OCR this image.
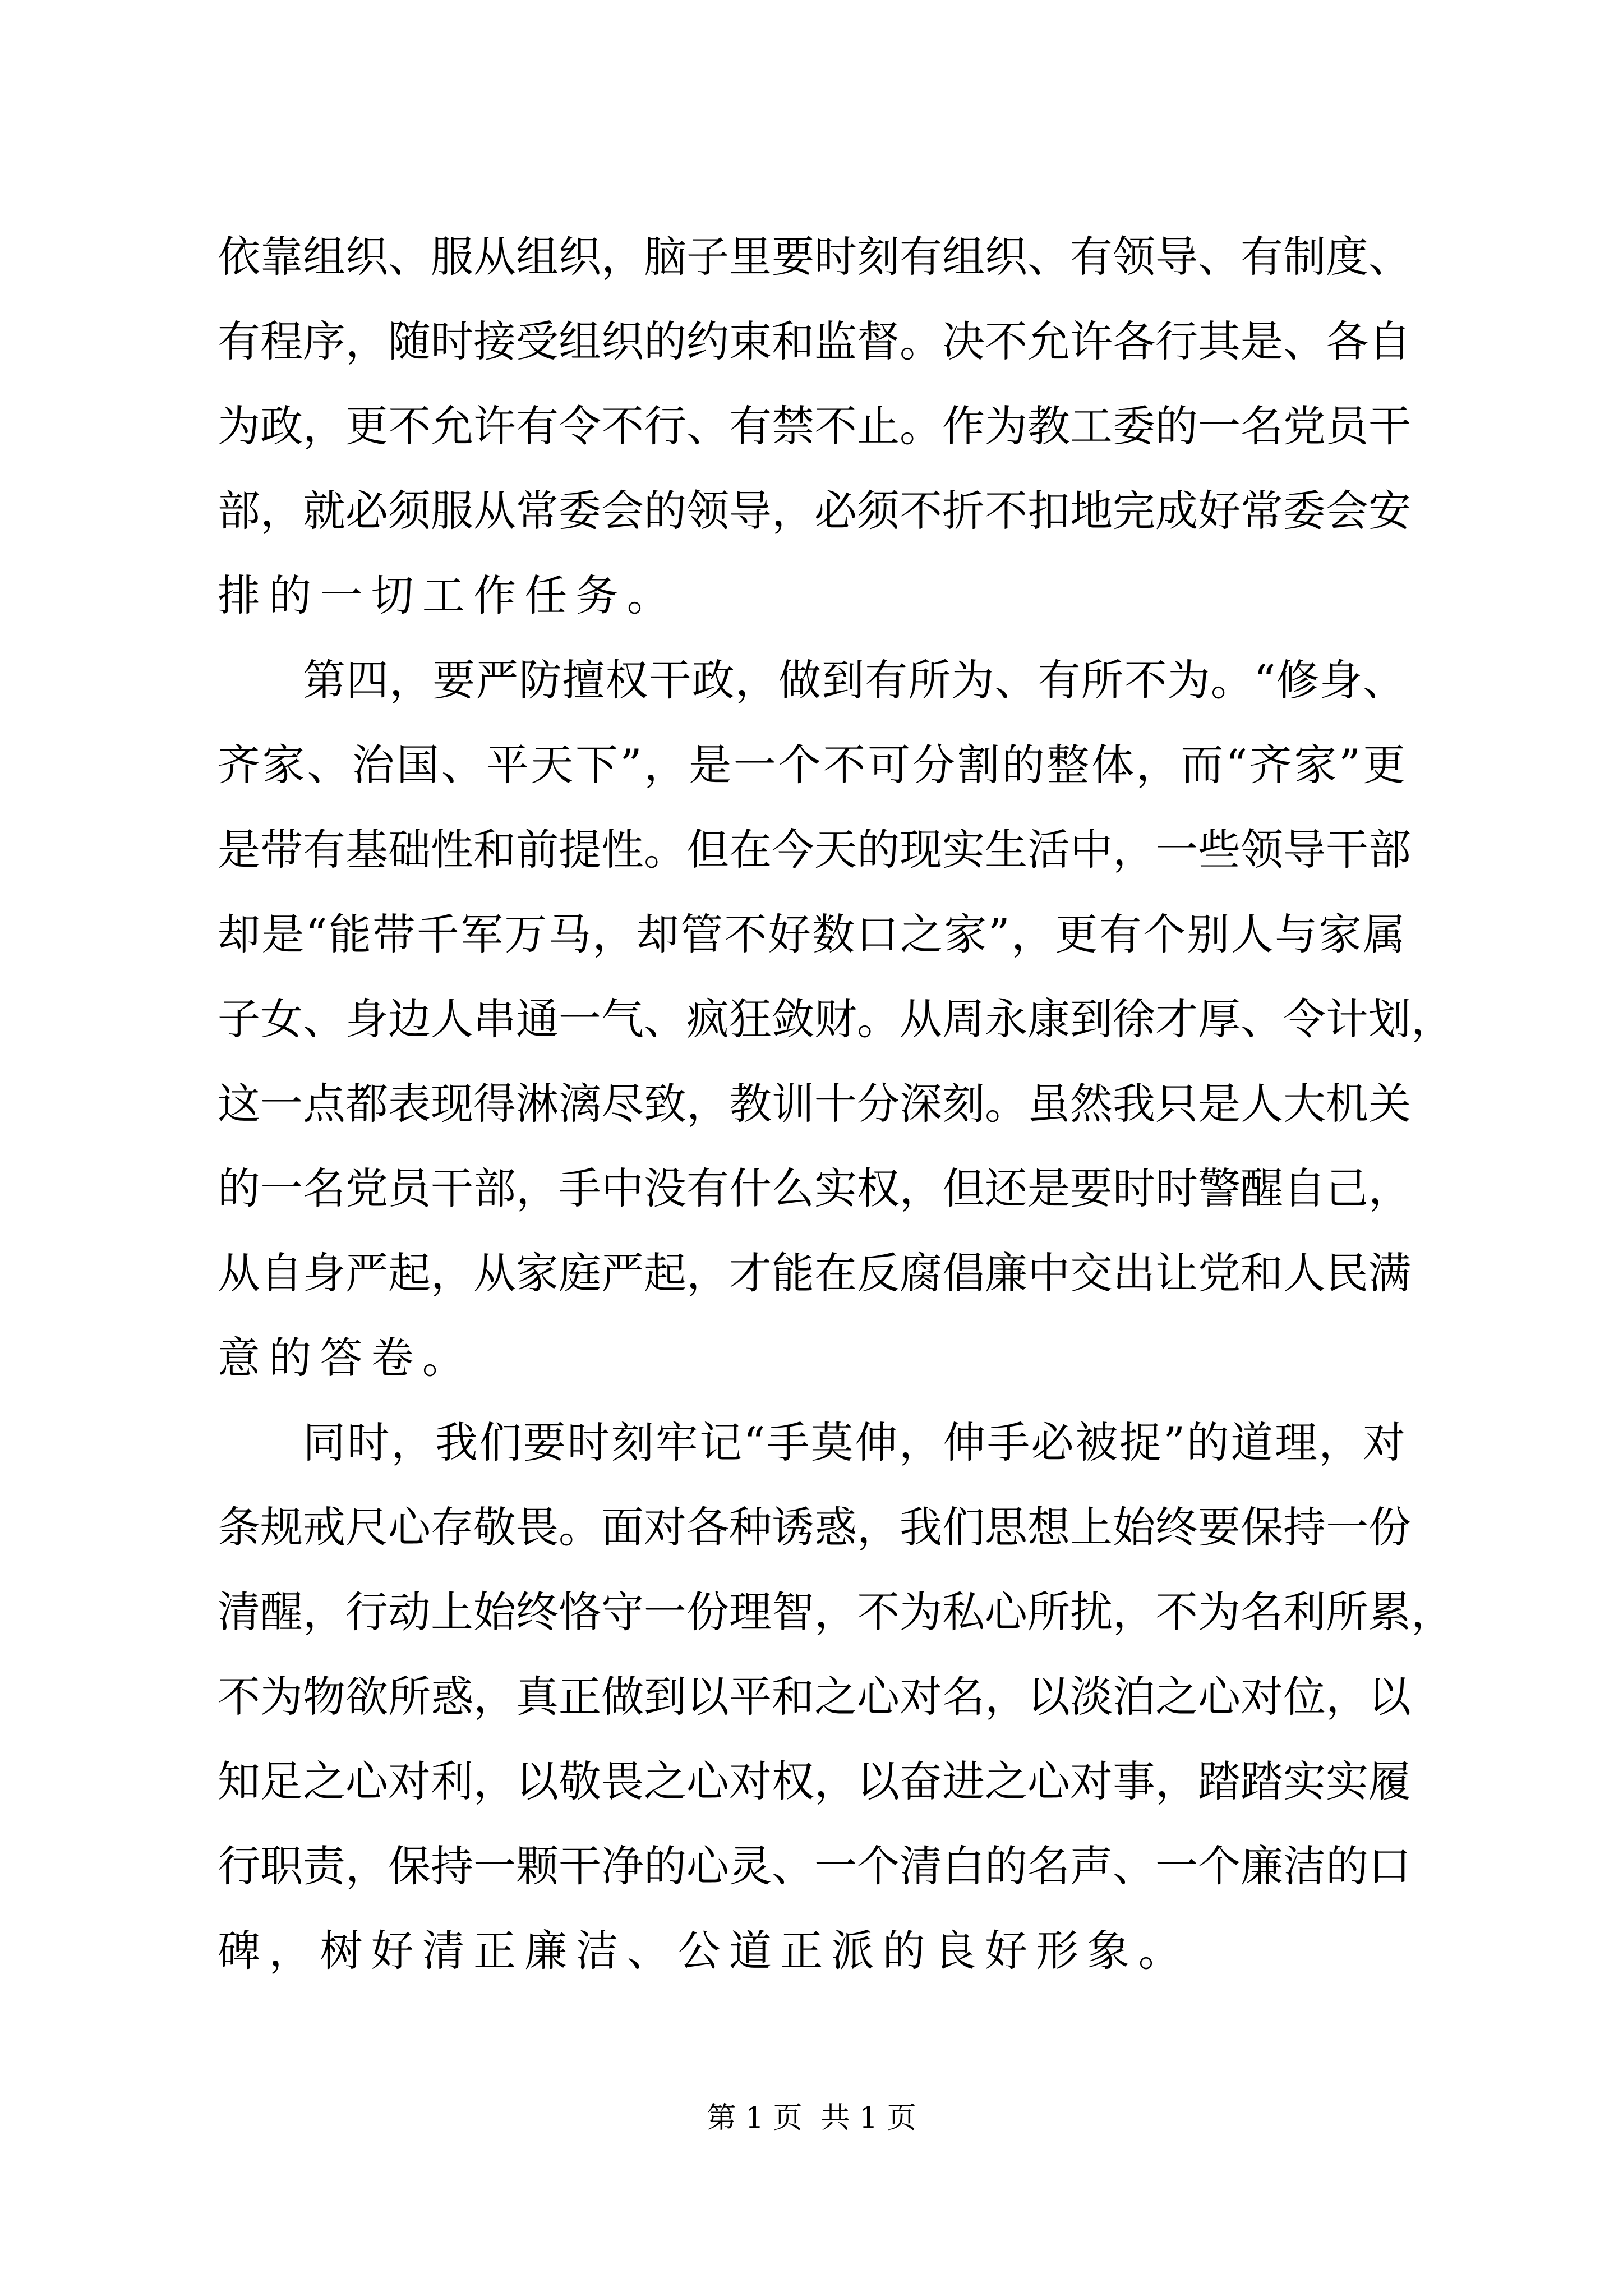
依靠组织、服从组织，脑子里要时刻有组织、有领导、有制度、
有程序，随时接受组织的约束和监督。决不允许各行其是、各自
为政，更不允许有令不行、有禁不止。作为教工委的一名党员干
部，就必须服从常委会的领导，必须不折不扣地完成好常委会安
排的一切工作任务。
第四，要严防擅权干政，做到有所为、有所不为。“修身、
齐家、治国、平天下”，是一个不可分割的整体，而“齐家”更
是带有基础性和前提性。但在今天的现实生活中，一些领导干部
却是“能带千军万马，却管不好数口之家”，更有个别人与家属
子女、身边人串通一气、疯狂敛财。从周永康到徐才厚、令计划，
这一点都表现得淋漓尽致，教训十分深刻。虽然我只是人大机关
的一名党员干部，手中没有什么实权，但还是要时时警醒自己，
从自身严起，从家庭严起，才能在反腐倡廉中交出让党和人民满
意的答卷。
同时，我们要时刻牢记“手莫伸，伸手必被捉”的道理，对
条规戒尺心存敬畏。面对各种诱惑，我们思想上始终要保持一份
清醒，行动上始终恪守一份理智，不为私心所扰，不为名利所累，
不为物欲所惑，真正做到以平和之心对名，以淡泊之心对位，以
知足之心对利，以敬畏之心对权，以奋进之心对事，踏踏实实履
行职责，保持一颗干净的心灵、一个清白的名声、一个廉洁的口
碑，树好清正廉洁、公道正派的良好形象。
第 1 页  共 1 页
